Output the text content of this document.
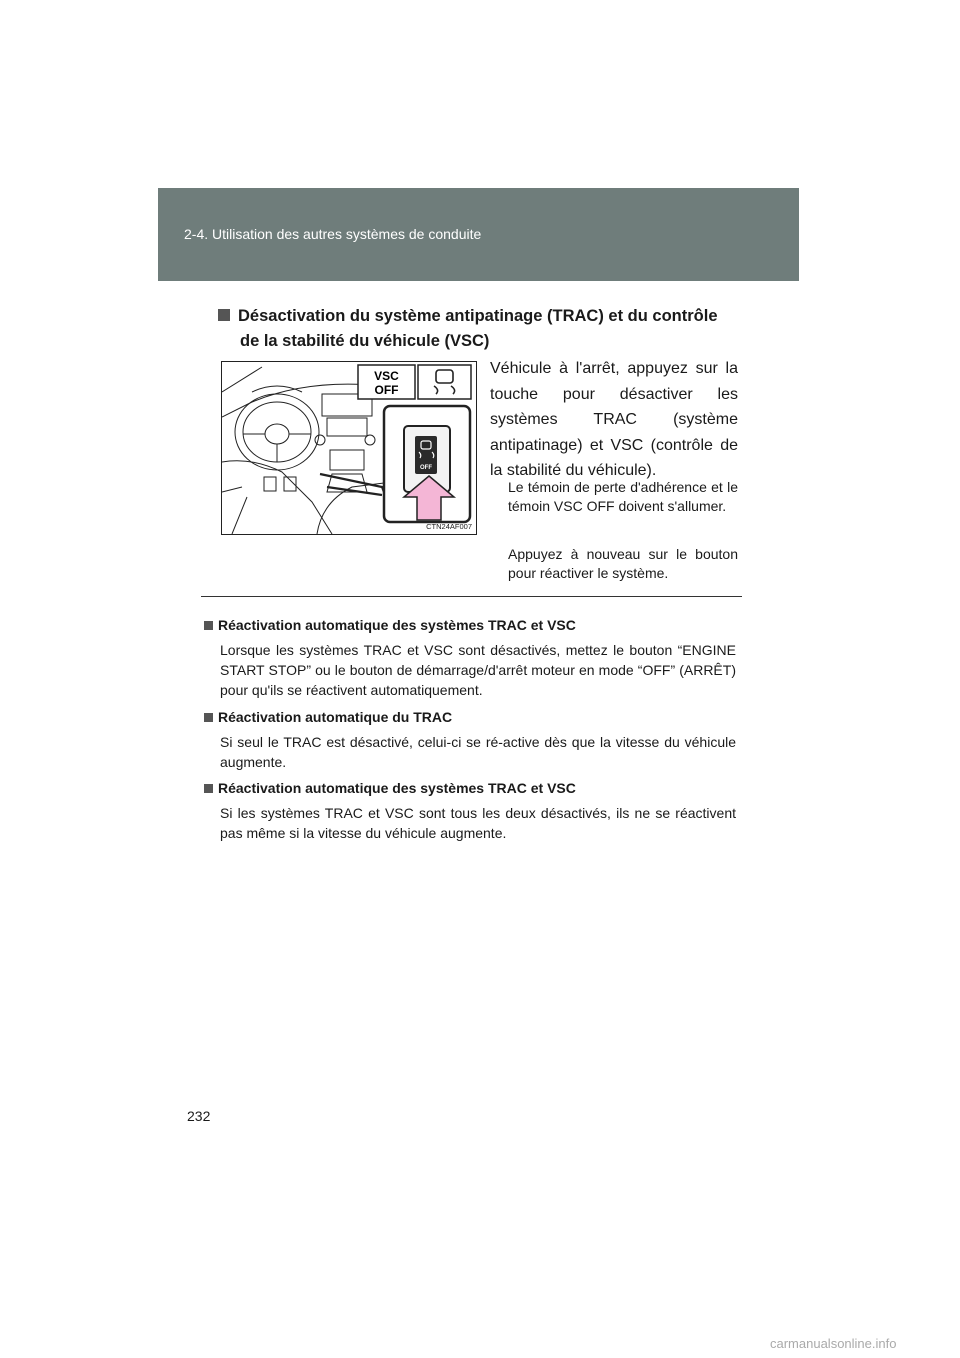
2-4. Utilisation des autres systèmes de conduite
Désactivation du système antipatinage (TRAC) et du contrôle
de la stabilité du véhicule (VSC)
VSC
OFF
OFF
CTN24AF007
Véhicule à l'arrêt, appuyez sur la touche pour désactiver les systèmes TRAC (système antipatinage) et VSC (contrôle de la stabilité du véhicule).
Le témoin de perte d'adhérence et le témoin VSC OFF doivent s'allumer.
Appuyez à nouveau sur le bouton pour réactiver le système.
Réactivation automatique des systèmes TRAC et VSC
Lorsque les systèmes TRAC et VSC sont désactivés, mettez le bouton “ENGINE START STOP” ou le bouton de démarrage/d'arrêt moteur en mode “OFF” (ARRÊT) pour qu'ils se réactivent automatiquement.
Réactivation automatique du TRAC
Si seul le TRAC est désactivé, celui-ci se ré-active dès que la vitesse du véhicule augmente.
Réactivation automatique des systèmes TRAC et VSC
Si les systèmes TRAC et VSC sont tous les deux désactivés, ils ne se réactivent pas même si la vitesse du véhicule augmente.
232
carmanualsonline.info
